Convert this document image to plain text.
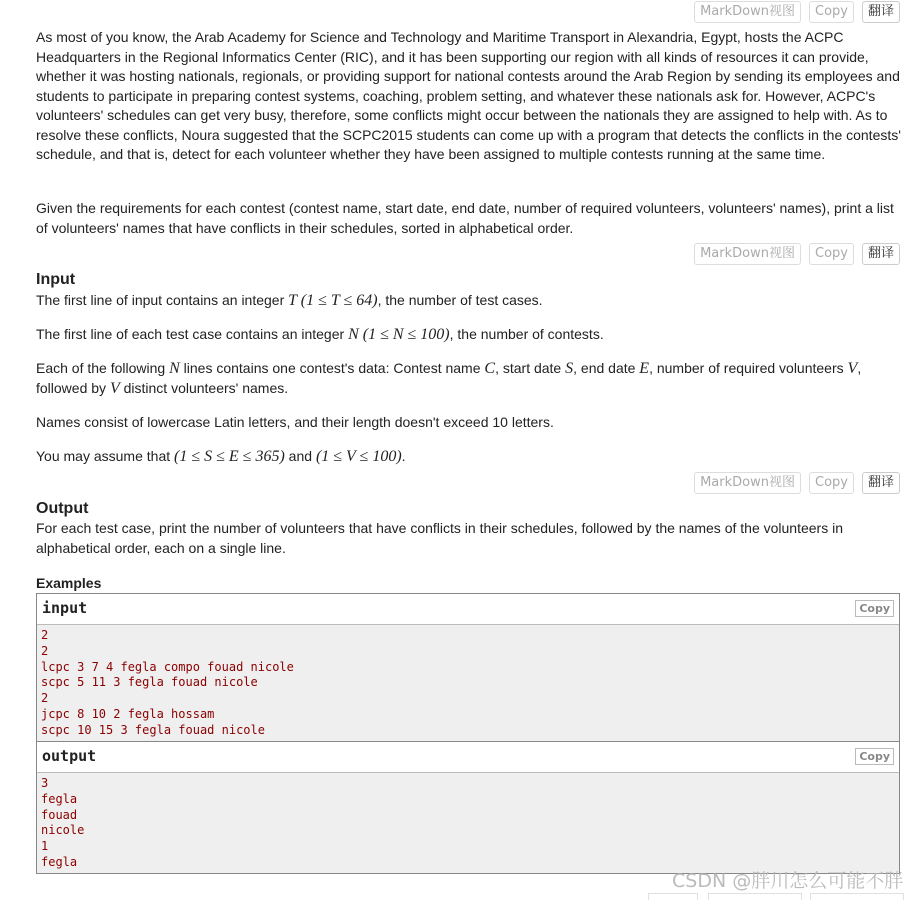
MarkDown视图	Copy	翻译

As most of you know, the Arab Academy for Science and Technology and Maritime Transport in Alexandria, Egypt, hosts the ACPC Headquarters in the Regional Informatics Center (RIC), and it has been supporting our region with all kinds of resources it can provide, whether it was hosting nationals, regionals, or providing support for national contests around the Arab Region by sending its employees and students to participate in preparing contest systems, coaching, problem setting, and whatever these nationals ask for. However, ACPC's volunteers' schedules can get very busy, therefore, some conflicts might occur between the nationals they are assigned to help with. As to resolve these conflicts, Noura suggested that the SCPC2015 students can come up with a program that detects the conflicts in the contests' schedule, and that is, detect for each volunteer whether they have been assigned to multiple contests running at the same time.

Given the requirements for each contest (contest name, start date, end date, number of required volunteers, volunteers' names), print a list of volunteers' names that have conflicts in their schedules, sorted in alphabetical order.

MarkDown视图	Copy	翻译
Input

The first line of input contains an integer T (1 ≤ T ≤ 64), the number of test cases.

The first line of each test case contains an integer N (1 ≤ N ≤ 100), the number of contests.

Each of the following N lines contains one contest's data: Contest name C, start date S, end date E, number of required volunteers V, followed by V distinct volunteers' names.

Names consist of lowercase Latin letters, and their length doesn't exceed 10 letters.

You may assume that (1 ≤ S ≤ E ≤ 365) and (1 ≤ V ≤ 100).

MarkDown视图	Copy	翻译
Output

For each test case, print the number of volunteers that have conflicts in their schedules, followed by the names of the volunteers in alphabetical order, each on a single line.

Examples
input	Copy
2
2
lcpc 3 7 4 fegla compo fouad nicole
scpc 5 11 3 fegla fouad nicole
2
jcpc 8 10 2 fegla hossam
scpc 10 15 3 fegla fouad nicole
output	Copy
3
fegla
fouad
nicole
1
fegla
CSDN @胖川怎么可能不胖
